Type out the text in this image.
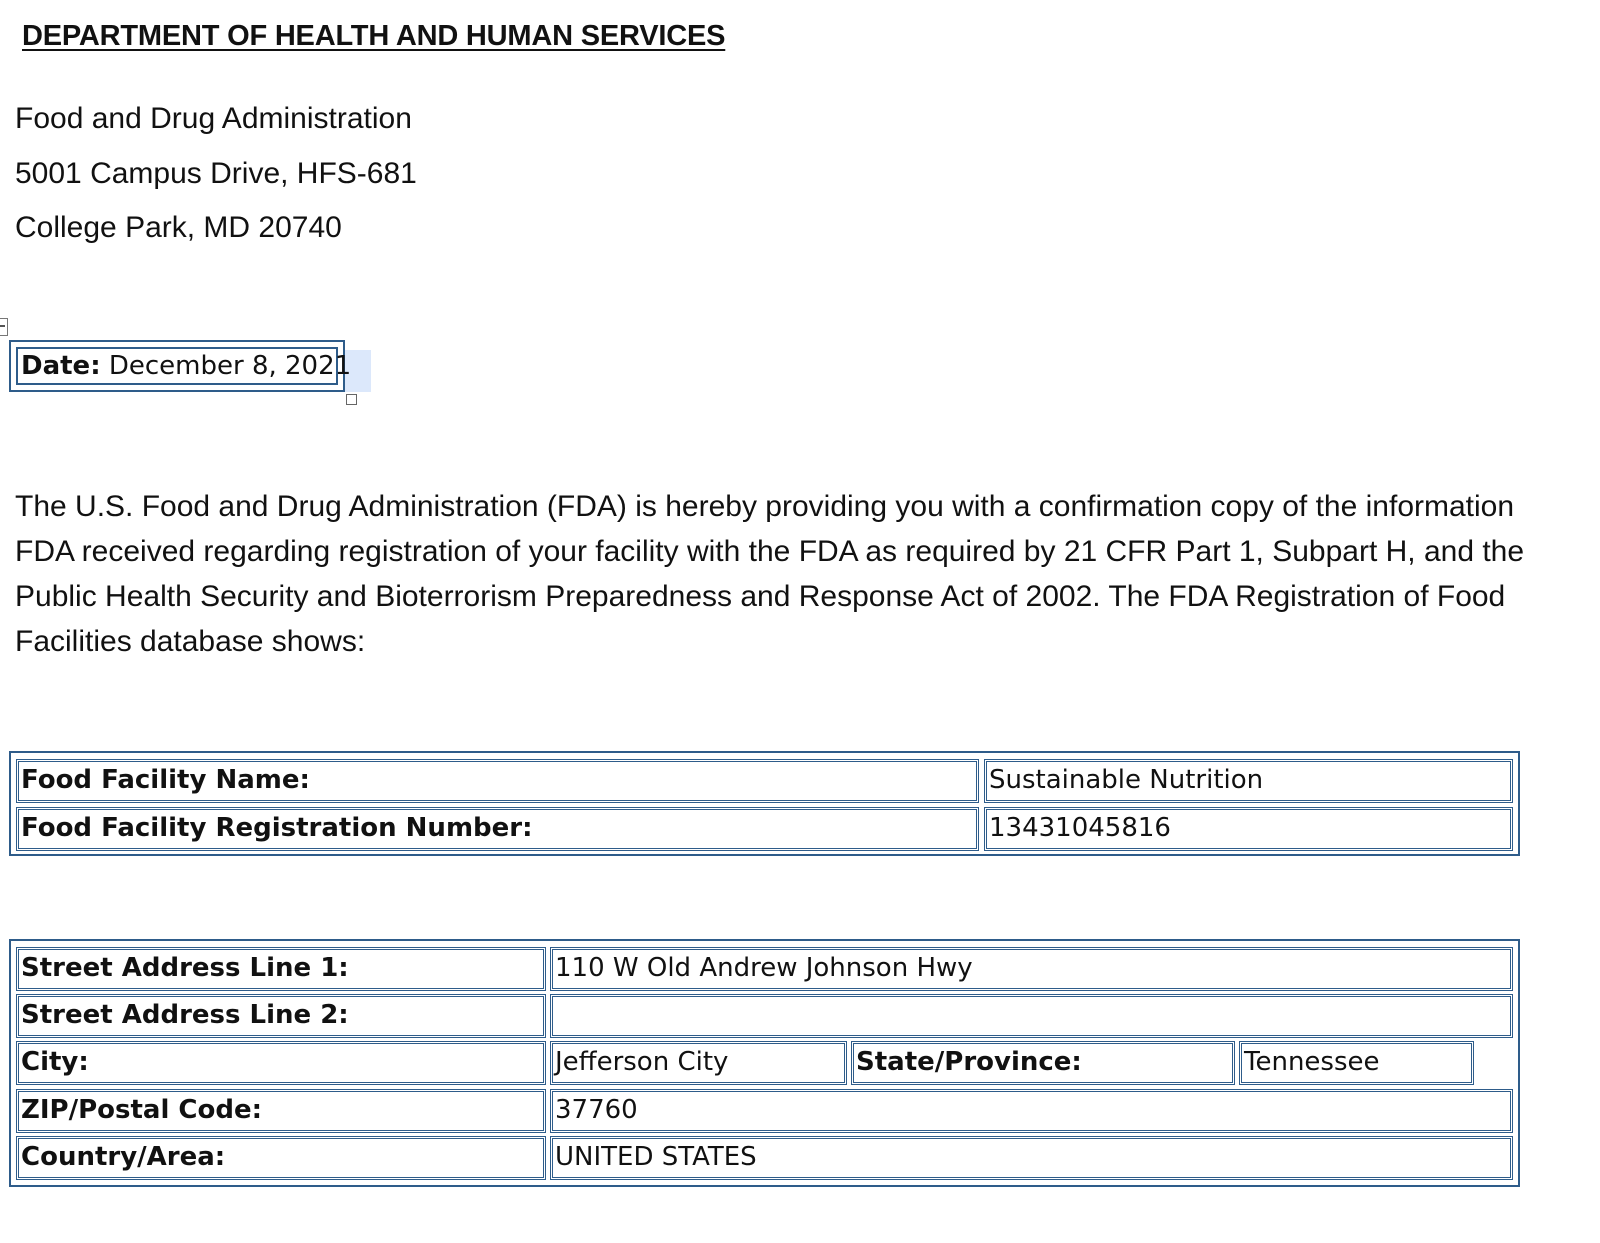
DEPARTMENT OF HEALTH AND HUMAN SERVICES

Food and Drug Administration

5001 Campus Drive, HFS-681

College Park, MD 20740

Date: December 8, 2021

The U.S. Food and Drug Administration (FDA) is hereby providing you with a confirmation copy of the information FDA received regarding registration of your facility with the FDA as required by 21 CFR Part 1, Subpart H, and the Public Health Security and Bioterrorism Preparedness and Response Act of 2002. The FDA Registration of Food Facilities database shows:

Food Facility Name:	Sustainable Nutrition
Food Facility Registration Number:	13431045816
Street Address Line 1:	110 W Old Andrew Johnson Hwy
Street Address Line 2:
City:	Jefferson City	State/Province:	Tennessee
ZIP/Postal Code:	37760
Country/Area:	UNITED STATES
